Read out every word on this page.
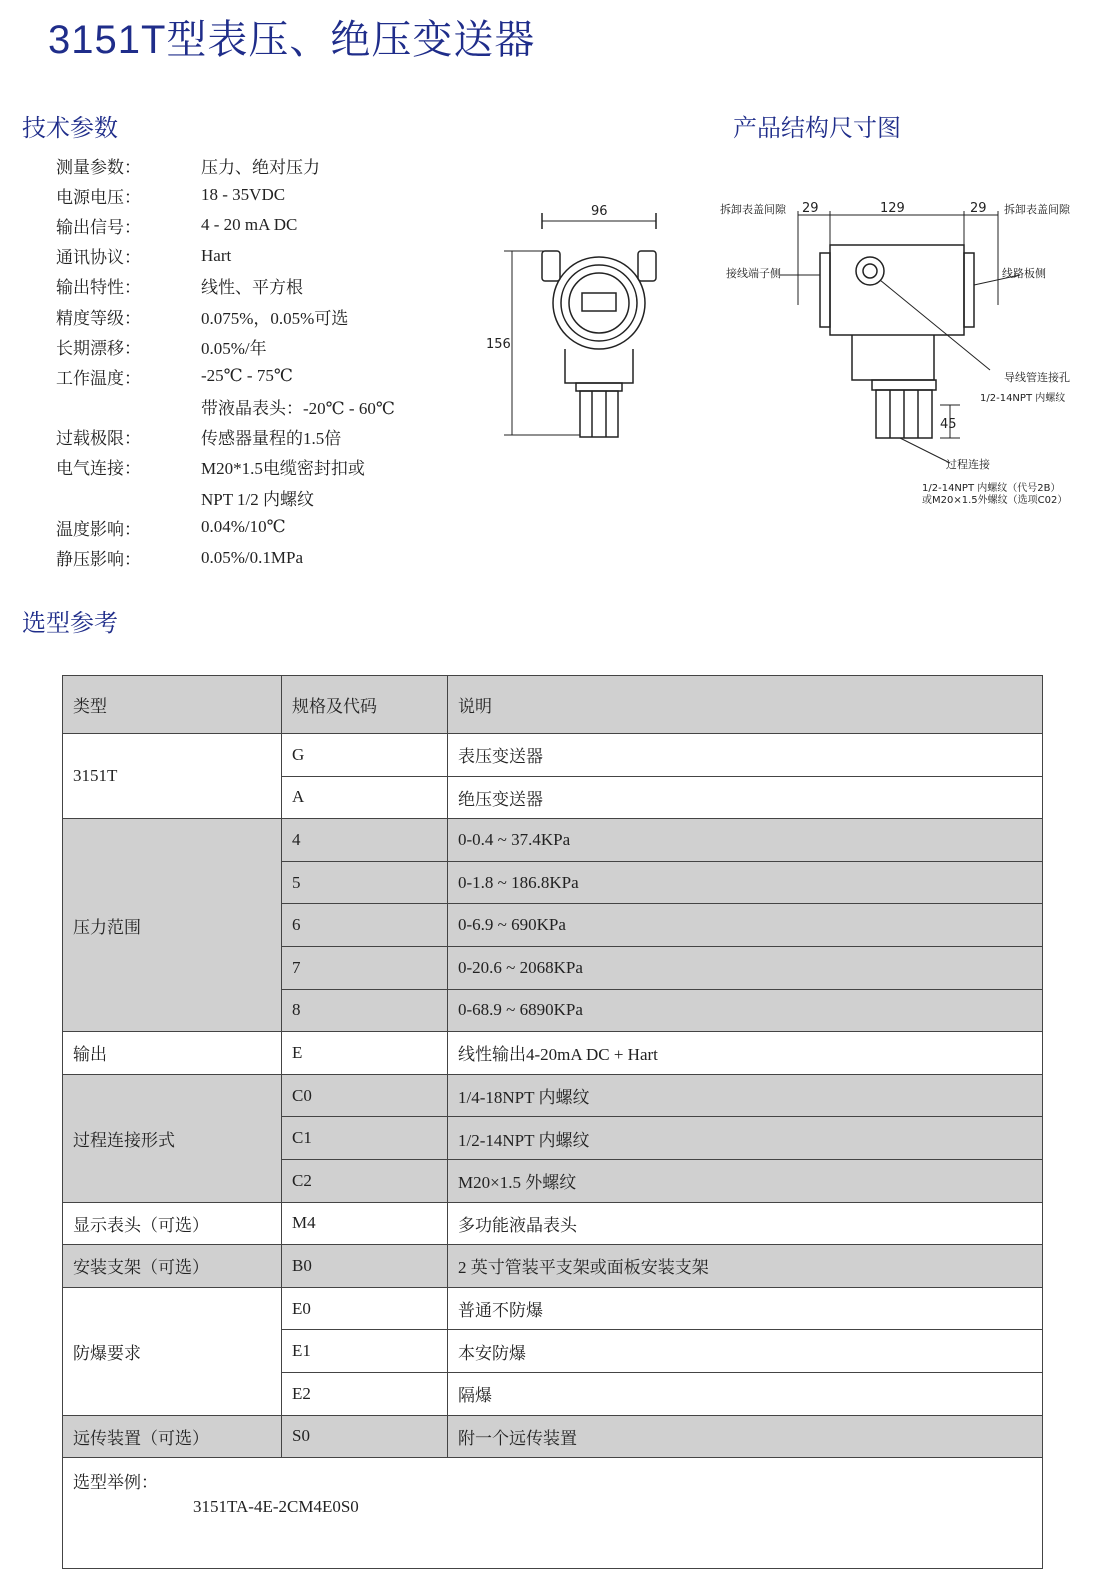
3151T型表压、绝压变送器
技术参数
测量参数：	压力、绝对压力
电源电压：	18 - 35VDC
输出信号：	4 - 20 mA DC
通讯协议：	Hart
输出特性：	线性、平方根
精度等级：	0.075%，0.05%可选
长期漂移：	0.05%/年
工作温度：	-25℃ - 75℃
带液晶表头：-20℃ - 60℃
过载极限：	传感器量程的1.5倍
电气连接：	M20*1.5电缆密封扣或
NPT 1/2 内螺纹
温度影响：	0.04%/10℃
静压影响：	0.05%/0.1MPa
产品结构尺寸图
96
156
拆卸表盖间隙 29	129	29 拆卸表盖间隙
接线端子侧	线路板侧
导线管连接孔
1/2-14NPT 内螺纹
45
过程连接
1/2-14NPT 内螺纹（代号2B）
或M20×1.5外螺纹（选项C02）
选型参考
类型	规格及代码	说明
3151T	G	表压变送器
	A	绝压变送器
压力范围	4	0-0.4 ~ 37.4KPa
	5	0-1.8 ~ 186.8KPa
	6	0-6.9 ~ 690KPa
	7	0-20.6 ~ 2068KPa
	8	0-68.9 ~ 6890KPa
输出	E	线性输出4-20mA DC + Hart
过程连接形式	C0	1/4-18NPT 内螺纹
	C1	1/2-14NPT 内螺纹
	C2	M20×1.5 外螺纹
显示表头（可选）	M4	多功能液晶表头
安装支架（可选）	B0	2 英寸管装平支架或面板安装支架
防爆要求	E0	普通不防爆
	E1	本安防爆
	E2	隔爆
远传装置（可选）	S0	附一个远传装置

选型举例：
3151TA-4E-2CM4E0S0		
